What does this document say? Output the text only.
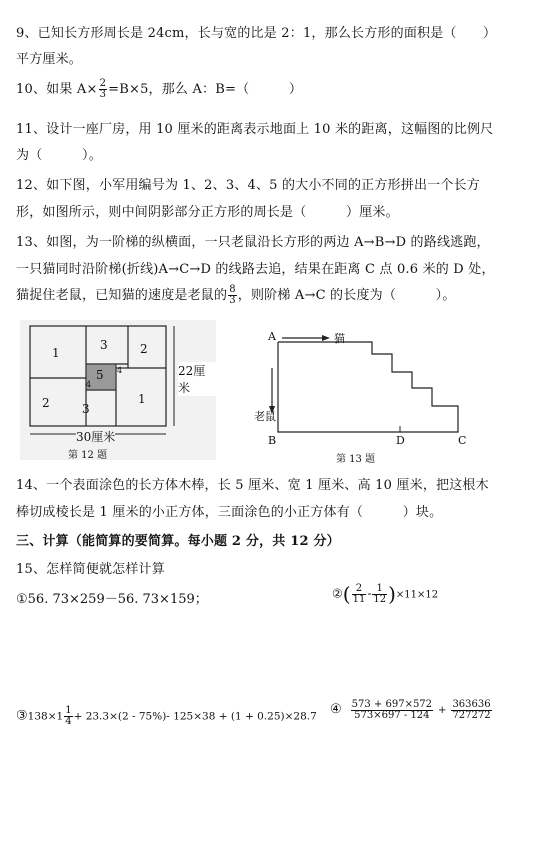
9、已知长方形周长是 24cm，长与宽的比是 2：1，那么长方形的面积是（　　）
平方厘米。
10、如果 $A\times \frac{2}{3} =B\times 5$，那么 A：B=（　　　）
11、设计一座厂房，用 10 厘米的距离表示地面上 10 米的距离，这幅图的比例尺
为（　　　）。
12、如下图，小军用编号为 1、2、3、4、5 的大小不同的正方形拼出一个长方
形，如图所示，则中间阴影部分正方形的周长是（　　　）厘米。
13、如图，为一阶梯的纵横面，一只老鼠沿长方形的两边 A→B→D 的路线逃跑，
一只猫同时沿阶梯(折线)A→C→D 的线路去追，结果在距离 C 点 0.6 米的 D 处，
猫捉住老鼠，已知猫的速度是老鼠的 $\frac{8}{3}$ ，则阶梯 A→C 的长度为（　　　）。
1
3	2
5
4
4
2	3
1
22厘米
30厘米
第 12 题
A	猫
老鼠
B	D	C
第 13 题
14、一个表面涂色的长方体木棒，长 5 厘米、宽 1 厘米、高 10 厘米，把这根木
棒切成棱长是 1 厘米的小正方体，三面涂色的小正方体有（　　　）块。
三、计算（能简算的要简算。每小题 2 分，共 12 分）
15、怎样简便就怎样计算
①56. 73×259－56. 73×159；	②( $\frac{2}{11} - \frac{1}{12} )\times 11\times 12$
③138×1 $\frac{1}{4} + 23.3\times(2 - 75\%)-$ 125×38 + (1 + 0.25)×28.7 ④ $\frac{573 + 697\times 572}{573\times 697 - 124} + \frac{363636}{727272}$
